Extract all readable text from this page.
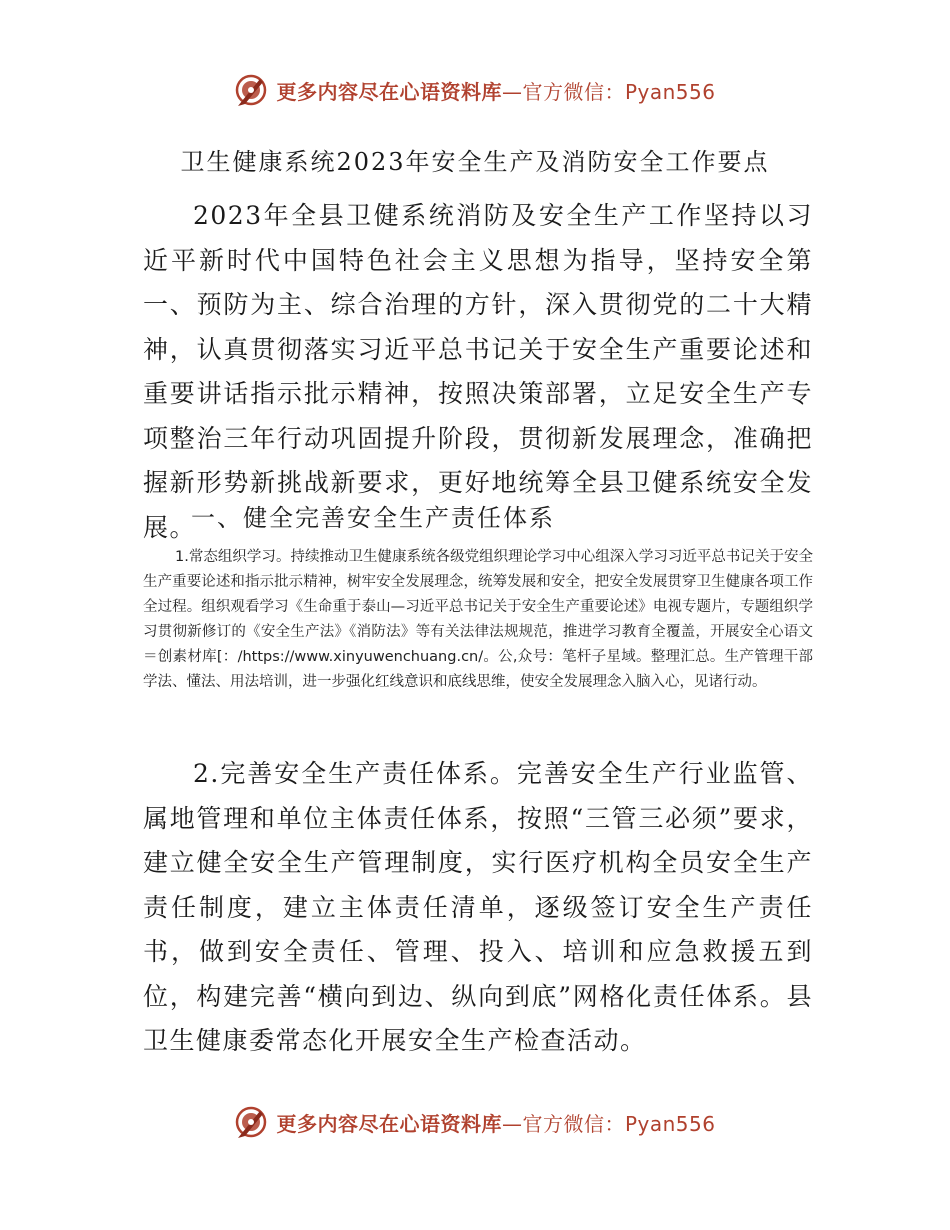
更多内容尽在心语资料库—官方微信：Pyan556
卫生健康系统2023年安全生产及消防安全工作要点
2023年全县卫健系统消防及安全生产工作坚持以习近平新时代中国特色社会主义思想为指导，坚持安全第一、预防为主、综合治理的方针，深入贯彻党的二十大精神，认真贯彻落实习近平总书记关于安全生产重要论述和重要讲话指示批示精神，按照决策部署，立足安全生产专项整治三年行动巩固提升阶段，贯彻新发展理念，准确把握新形势新挑战新要求，更好地统筹全县卫健系统安全发展。
一、健全完善安全生产责任体系
1.常态组织学习。持续推动卫生健康系统各级党组织理论学习中心组深入学习习近平总书记关于安全生产重要论述和指示批示精神，树牢安全发展理念，统筹发展和安全，把安全发展贯穿卫生健康各项工作全过程。组织观看学习《生命重于泰山—习近平总书记关于安全生产重要论述》电视专题片，专题组织学习贯彻新修订的《安全生产法》《消防法》等有关法律法规规范，推进学习教育全覆盖，开展安全心语文＝创素材库[：/https://www.xinyuwenchuang.cn/。公,众号：笔杆子星域。整理汇总。生产管理干部学法、懂法、用法培训，进一步强化红线意识和底线思维，使安全发展理念入脑入心，见诸行动。
2.完善安全生产责任体系。完善安全生产行业监管、属地管理和单位主体责任体系，按照“三管三必须”要求，建立健全安全生产管理制度，实行医疗机构全员安全生产责任制度，建立主体责任清单，逐级签订安全生产责任书，做到安全责任、管理、投入、培训和应急救援五到位，构建完善“横向到边、纵向到底”网格化责任体系。县卫生健康委常态化开展安全生产检查活动。
更多内容尽在心语资料库—官方微信：Pyan556
